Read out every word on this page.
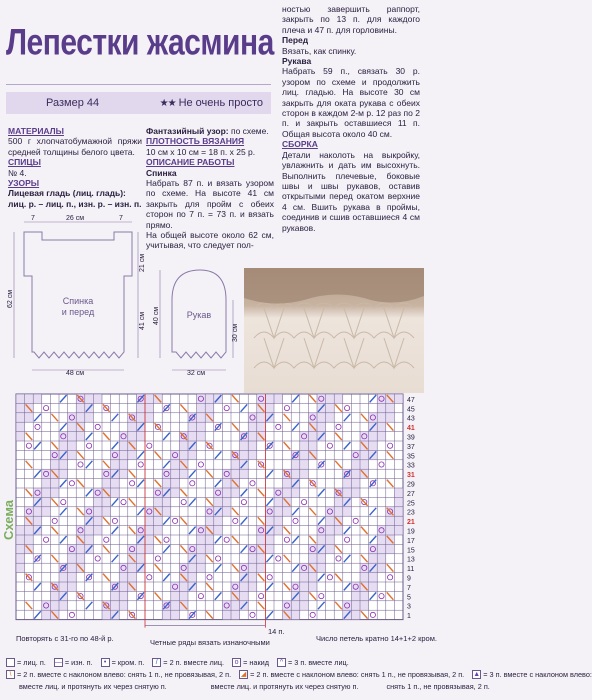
Лепестки жасмина
Размер 44	★★ Не очень просто

МАТЕРИАЛЫ

500 г хлопчатобумажной пряжи средней толщины белого цвета.

СПИЦЫ

№ 4.

УЗОРЫ

Лицевая гладь (лиц. гладь): лиц. р. – лиц. п., изн. р. – изн. п.

Фантазийный узор: по схеме.

ПЛОТНОСТЬ ВЯЗАНИЯ

10 см x 10 см = 18 п. x 25 р.

ОПИСАНИЕ РАБОТЫ

Спинка

Набрать 87 п. и вязать узором по схеме. На высоте 41 см закрыть для пройм с обеих сторон по 7 п. = 73 п. и вязать прямо.

На общей высоте около 62 см, учитывая, что следует пол-

ностью завершить раппорт, закрыть по 13 п. для каждого плеча и 47 п. для горловины.

Перед

Вязать, как спинку.

Рукава

Набрать 59 п., связать 30 р. узором по схеме и продолжить лиц. гладью. На высоте 30 см закрыть для оката рукава с обеих сторон в каждом 2-м р. 12 раз по 2 п. и закрыть оставшиеся 11 п. Общая высота около 40 см.

СБОРКА

Детали наколоть на выкройку, увлажнить и дать им высохнуть. Выполнить плечевые, боковые швы и швы рукавов, оставив открытыми перед окатом верхние 4 см. Вшить рукава в проймы, соединив и сшив оставшиеся 4 см рукавов.

7	26 см	7
62 см
21 см
41 см
48 см
Спинка
и перед	Рукав
40 см
30 см
32 см
47
45
43
41
39
37
35
33
31
29
27
25
23
21
19
17
15
13
11
9
7
5
3
1
Схема
Повторять с 31-го по 48-й р.	Четные ряды вязать изнаночными	Число петель кратно 14+1+2 кром.
14 п.
= лиц. п. — = изн. п.	• = кром. п.	/ = 2 п. вместе лиц.	o = накид	^ = 3 п. вместе лиц.
\ = 2 п. вместе с наклоном влево: снять 1 п., не провязывая, 2 п. ◢ = 2 п. вместе с наклоном влево: снять 1 п., не провязывая, 2 п. ▲ = 3 п. вместе с наклоном влево:
вместе лиц. и протянуть их через снятую п.	вместе лиц. и протянуть их через снятую п.	снять 1 п., не провязывая, 2 п.
